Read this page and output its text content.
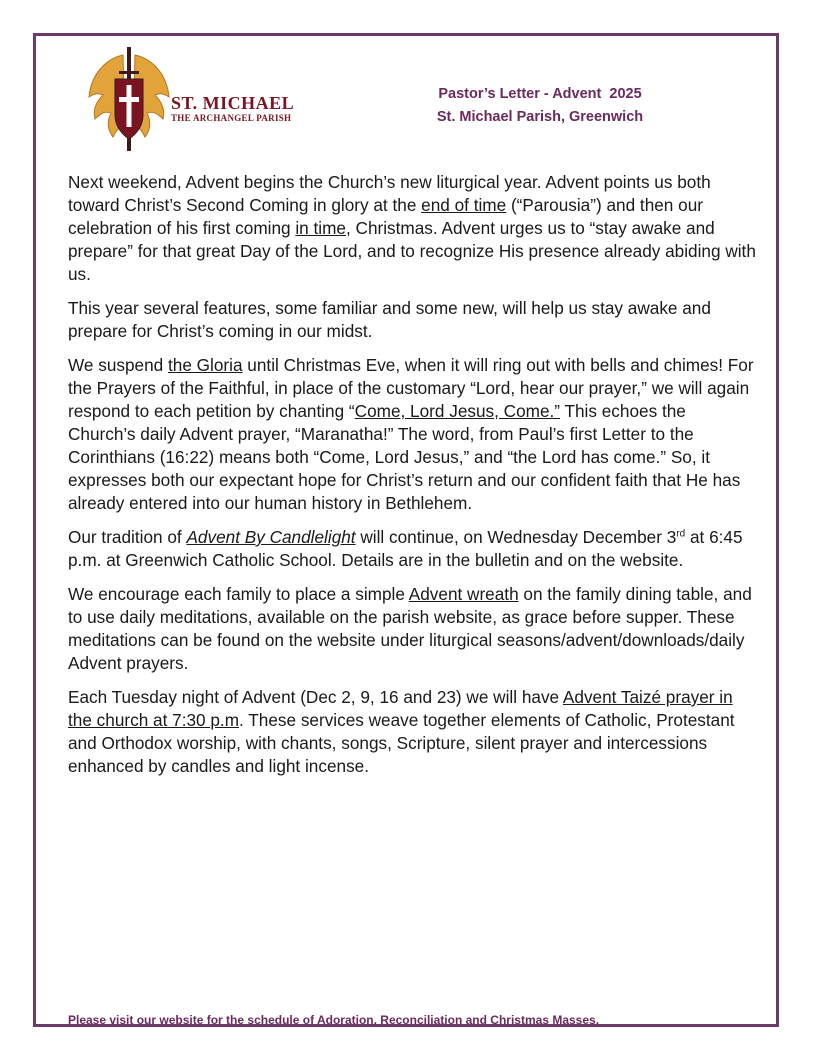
ST. MICHAEL
THE ARCHANGEL PARISH
Pastor’s Letter - Advent  2025
St. Michael Parish, Greenwich

Next weekend, Advent begins the Church’s new liturgical year. Advent points us both toward Christ’s Second Coming in glory at the end of time (“Parousia”) and then our celebration of his first coming in time, Christmas. Advent urges us to “stay awake and prepare” for that great Day of the Lord, and to recognize His presence already abiding with us.

This year several features, some familiar and some new, will help us stay awake and prepare for Christ’s coming in our midst.

We suspend the Gloria until Christmas Eve, when it will ring out with bells and chimes! For the Prayers of the Faithful, in place of the customary “Lord, hear our prayer,” we will again respond to each petition by chanting “Come, Lord Jesus, Come.” This echoes the Church’s daily Advent prayer, “Maranatha!” The word, from Paul’s first Letter to the Corinthians (16:22) means both “Come, Lord Jesus,” and “the Lord has come.” So, it expresses both our expectant hope for Christ’s return and our confident faith that He has already entered into our human history in Bethlehem.

Our tradition of Advent By Candlelight will continue, on Wednesday December 3rd at 6:45 p.m. at Greenwich Catholic School. Details are in the bulletin and on the website.

We encourage each family to place a simple Advent wreath on the family dining table, and to use daily meditations, available on the parish website, as grace before supper. These meditations can be found on the website under liturgical seasons/advent/downloads/daily Advent prayers.

Each Tuesday night of Advent (Dec 2, 9, 16 and 23) we will have Advent Taizé prayer in the church at 7:30 p.m. These services weave together elements of Catholic, Protestant and Orthodox worship, with chants, songs, Scripture, silent prayer and intercessions enhanced by candles and light incense.

Please visit our website for the schedule of Adoration, Reconciliation and Christmas Masses.
